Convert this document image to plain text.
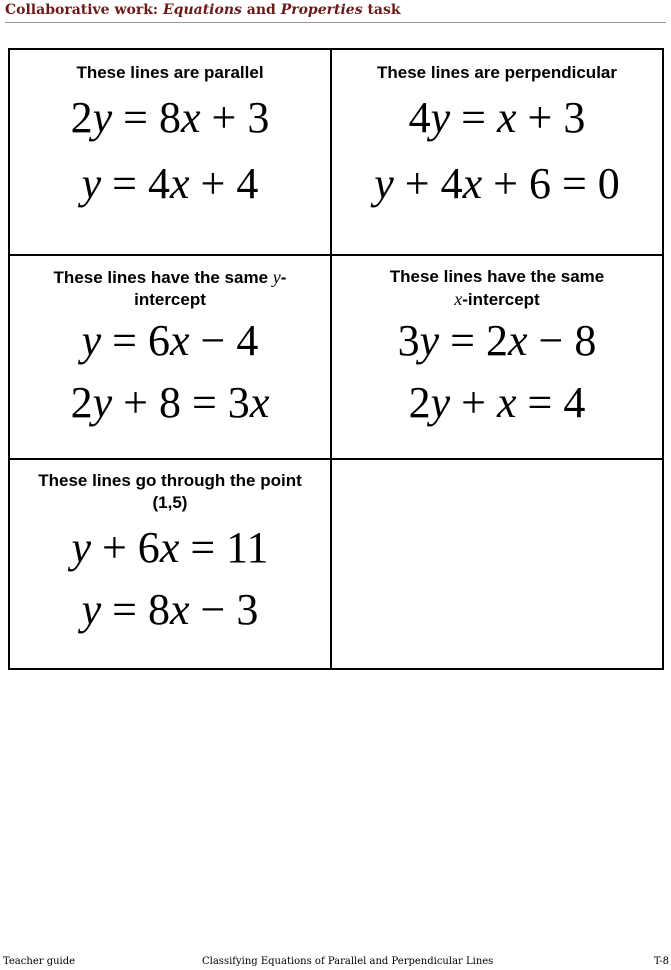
Collaborative work: Equations and Properties task
These lines are parallel
2y = 8x + 3
y = 4x + 4
These lines are perpendicular
4y = x + 3
y + 4x + 6 = 0
These lines have the same y-
intercept
y = 6x − 4
2y + 8 = 3x
These lines have the same
x-intercept
3y = 2x − 8
2y + x = 4
These lines go through the point
(1,5)
y + 6x = 11
y = 8x − 3
Teacher guide	Classifying Equations of Parallel and Perpendicular Lines	T-8
